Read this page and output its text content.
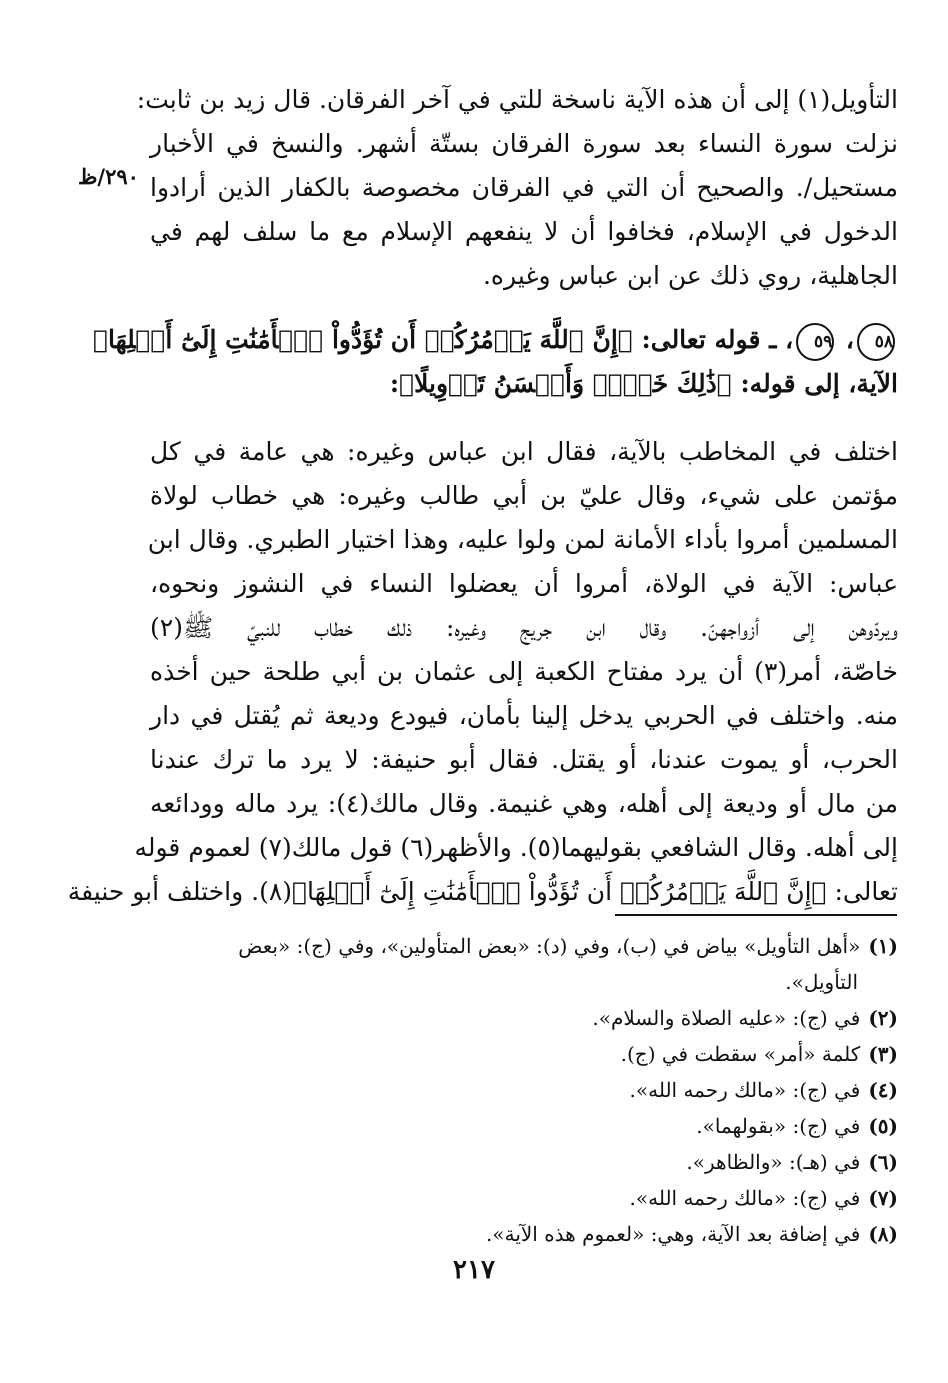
٢٩٠/ظ
التأويل(١) إلى أن هذه الآية ناسخة للتي في آخر الفرقان. قال زيد بن ثابت:
نزلت سورة النساء بعد سورة الفرقان بستّة أشهر. والنسخ في الأخبار
مستحيل/. والصحيح أن التي في الفرقان مخصوصة بالكفار الذين أرادوا
الدخول في الإسلام، فخافوا أن لا ينفعهم الإسلام مع ما سلف لهم في
الجاهلية، روي ذلك عن ابن عباس وغيره.
٥٨، ٥٩، ـ قوله تعالى: ﴿إِنَّ ٱللَّهَ يَأۡمُرُكُمۡ أَن تُؤَدُّواْ ٱلۡأَمَٰنَٰتِ إِلَىٰٓ أَهۡلِهَا﴾
الآية، إلى قوله: ﴿ذَٰلِكَ خَيۡرٞ وَأَحۡسَنُ تَأۡوِيلًا﴾:
اختلف في المخاطب بالآية، فقال ابن عباس وغيره: هي عامة في كل
مؤتمن على شيء، وقال عليّ بن أبي طالب وغيره: هي خطاب لولاة
المسلمين أمروا بأداء الأمانة لمن ولوا عليه، وهذا اختيار الطبري. وقال ابن
عباس: الآية في الولاة، أمروا أن يعضلوا النساء في النشوز ونحوه،
ويردّوهن إلى أزواجهنّ. وقال ابن جريج وغيره: ذلك خطاب للنبيّ ﷺ(٢)
خاصّة، أمر(٣) أن يرد مفتاح الكعبة إلى عثمان بن أبي طلحة حين أخذه
منه. واختلف في الحربي يدخل إلينا بأمان، فيودع وديعة ثم يُقتل في دار
الحرب، أو يموت عندنا، أو يقتل. فقال أبو حنيفة: لا يرد ما ترك عندنا
من مال أو وديعة إلى أهله، وهي غنيمة. وقال مالك(٤): يرد ماله وودائعه
إلى أهله. وقال الشافعي بقوليهما(٥). والأظهر(٦) قول مالك(٧) لعموم قوله
تعالى: ﴿إِنَّ ٱللَّهَ يَأۡمُرُكُمۡ أَن تُؤَدُّواْ ٱلۡأَمَٰنَٰتِ إِلَىٰٓ أَهۡلِهَا﴾(٨). واختلف أبو حنيفة
(١)«أهل التأويل» بياض في (ب)، وفي (د): «بعض المتأولين»، وفي (ج): «بعض
التأويل».
(٢)في (ج): «عليه الصلاة والسلام».
(٣)كلمة «أمر» سقطت في (ج).
(٤)في (ج): «مالك رحمه الله».
(٥)في (ج): «بقولهما».
(٦)في (هـ): «والظاهر».
(٧)في (ج): «مالك رحمه الله».
(٨)في إضافة بعد الآية، وهي: «لعموم هذه الآية».
٢١٧
